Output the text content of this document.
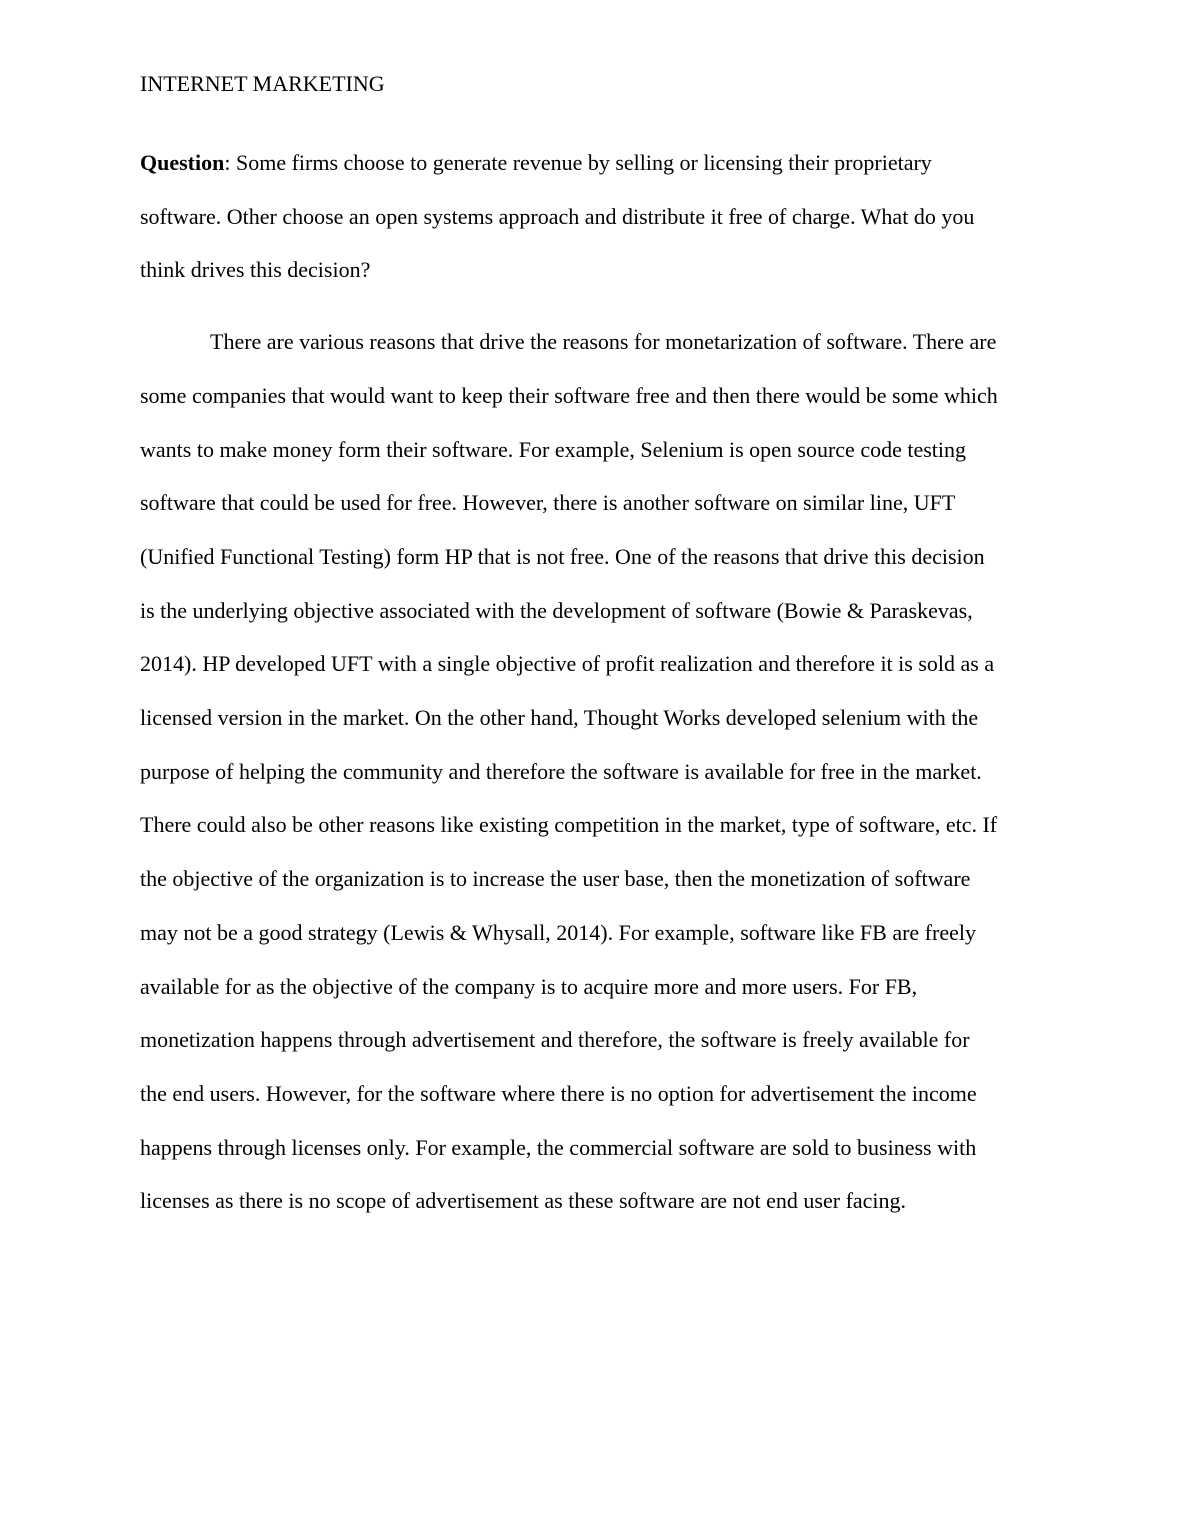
INTERNET MARKETING
Question: Some firms choose to generate revenue by selling or licensing their proprietary
software. Other choose an open systems approach and distribute it free of charge. What do you
think drives this decision?
There are various reasons that drive the reasons for monetarization of software. There are
some companies that would want to keep their software free and then there would be some which
wants to make money form their software. For example, Selenium is open source code testing
software that could be used for free. However, there is another software on similar line, UFT
(Unified Functional Testing) form HP that is not free. One of the reasons that drive this decision
is the underlying objective associated with the development of software (Bowie & Paraskevas,
2014). HP developed UFT with a single objective of profit realization and therefore it is sold as a
licensed version in the market. On the other hand, Thought Works developed selenium with the
purpose of helping the community and therefore the software is available for free in the market.
There could also be other reasons like existing competition in the market, type of software, etc. If
the objective of the organization is to increase the user base, then the monetization of software
may not be a good strategy (Lewis & Whysall, 2014). For example, software like FB are freely
available for as the objective of the company is to acquire more and more users. For FB,
monetization happens through advertisement and therefore, the software is freely available for
the end users. However, for the software where there is no option for advertisement the income
happens through licenses only. For example, the commercial software are sold to business with
licenses as there is no scope of advertisement as these software are not end user facing.
